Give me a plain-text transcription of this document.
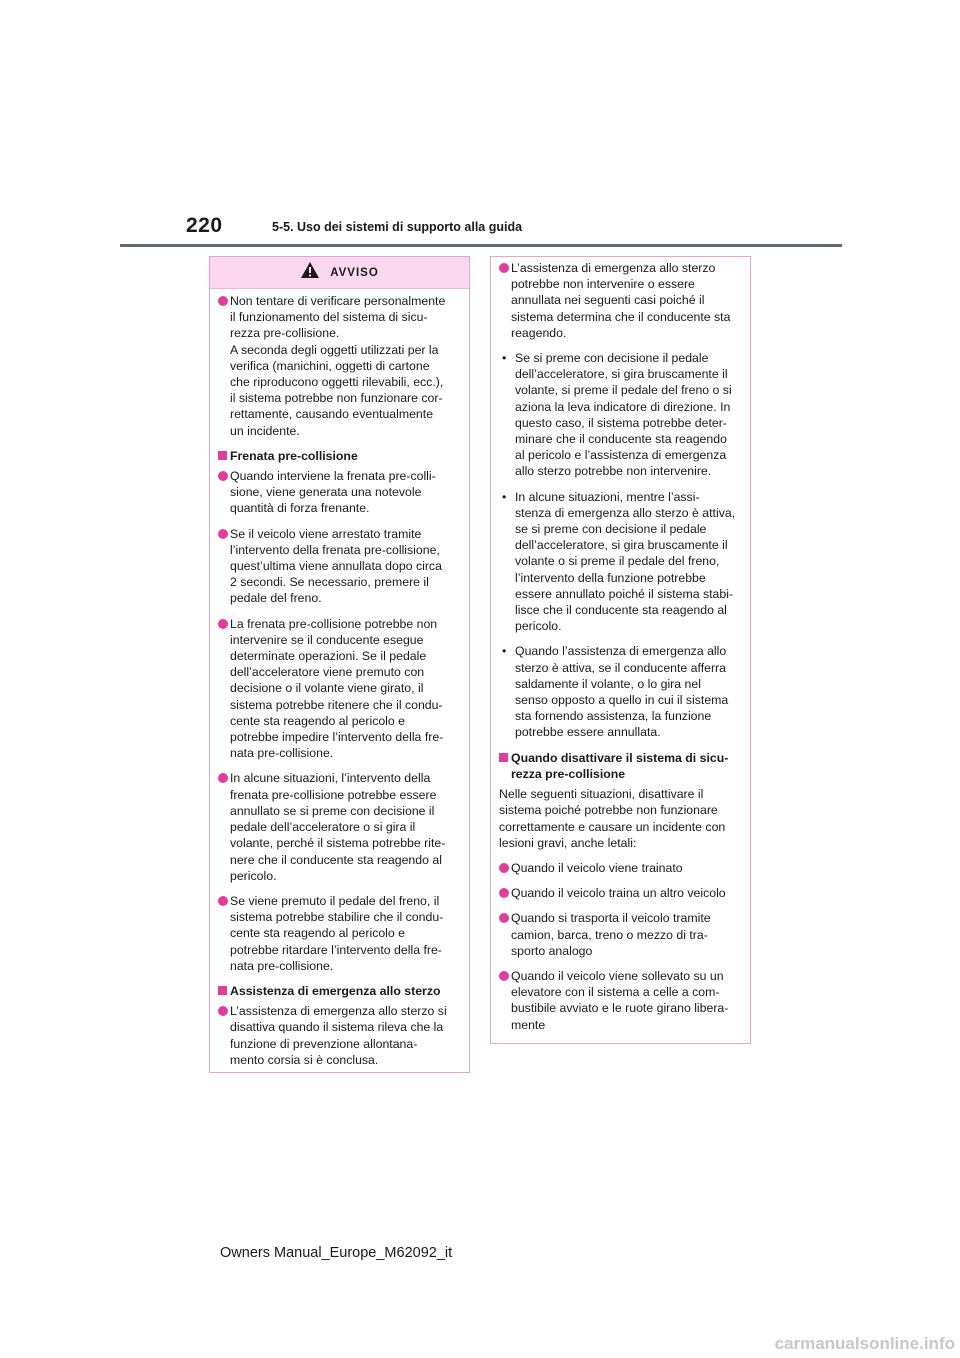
220	5-5. Uso dei sistemi di supporto alla guida
AVVISO
Non tentare di verificare personalmente
il funzionamento del sistema di sicu-
rezza pre-collisione.
A seconda degli oggetti utilizzati per la
verifica (manichini, oggetti di cartone
che riproducono oggetti rilevabili, ecc.),
il sistema potrebbe non funzionare cor-
rettamente, causando eventualmente
un incidente.
Frenata pre-collisione
Quando interviene la frenata pre-colli-
sione, viene generata una notevole
quantità di forza frenante.
Se il veicolo viene arrestato tramite
l’intervento della frenata pre-collisione,
quest’ultima viene annullata dopo circa
2 secondi. Se necessario, premere il
pedale del freno.
La frenata pre-collisione potrebbe non
intervenire se il conducente esegue
determinate operazioni. Se il pedale
dell’acceleratore viene premuto con
decisione o il volante viene girato, il
sistema potrebbe ritenere che il condu-
cente sta reagendo al pericolo e
potrebbe impedire l’intervento della fre-
nata pre-collisione.
In alcune situazioni, l’intervento della
frenata pre-collisione potrebbe essere
annullato se si preme con decisione il
pedale dell’acceleratore o si gira il
volante, perché il sistema potrebbe rite-
nere che il conducente sta reagendo al
pericolo.
Se viene premuto il pedale del freno, il
sistema potrebbe stabilire che il condu-
cente sta reagendo al pericolo e
potrebbe ritardare l’intervento della fre-
nata pre-collisione.
Assistenza di emergenza allo sterzo
L’assistenza di emergenza allo sterzo si
disattiva quando il sistema rileva che la
funzione di prevenzione allontana-
mento corsia si è conclusa.
L’assistenza di emergenza allo sterzo
potrebbe non intervenire o essere
annullata nei seguenti casi poiché il
sistema determina che il conducente sta
reagendo.
• Se si preme con decisione il pedale
dell’acceleratore, si gira bruscamente il
volante, si preme il pedale del freno o si
aziona la leva indicatore di direzione. In
questo caso, il sistema potrebbe deter-
minare che il conducente sta reagendo
al pericolo e l’assistenza di emergenza
allo sterzo potrebbe non intervenire.
• In alcune situazioni, mentre l’assi-
stenza di emergenza allo sterzo è attiva,
se si preme con decisione il pedale
dell’acceleratore, si gira bruscamente il
volante o si preme il pedale del freno,
l’intervento della funzione potrebbe
essere annullato poiché il sistema stabi-
lisce che il conducente sta reagendo al
pericolo.
• Quando l’assistenza di emergenza allo
sterzo è attiva, se il conducente afferra
saldamente il volante, o lo gira nel
senso opposto a quello in cui il sistema
sta fornendo assistenza, la funzione
potrebbe essere annullata.
Quando disattivare il sistema di sicu-
rezza pre-collisione
Nelle seguenti situazioni, disattivare il
sistema poiché potrebbe non funzionare
correttamente e causare un incidente con
lesioni gravi, anche letali:
Quando il veicolo viene trainato
Quando il veicolo traina un altro veicolo
Quando si trasporta il veicolo tramite
camion, barca, treno o mezzo di tra-
sporto analogo
Quando il veicolo viene sollevato su un
elevatore con il sistema a celle a com-
bustibile avviato e le ruote girano libera-
mente
Owners Manual_Europe_M62092_it
carmanualsonline.info
